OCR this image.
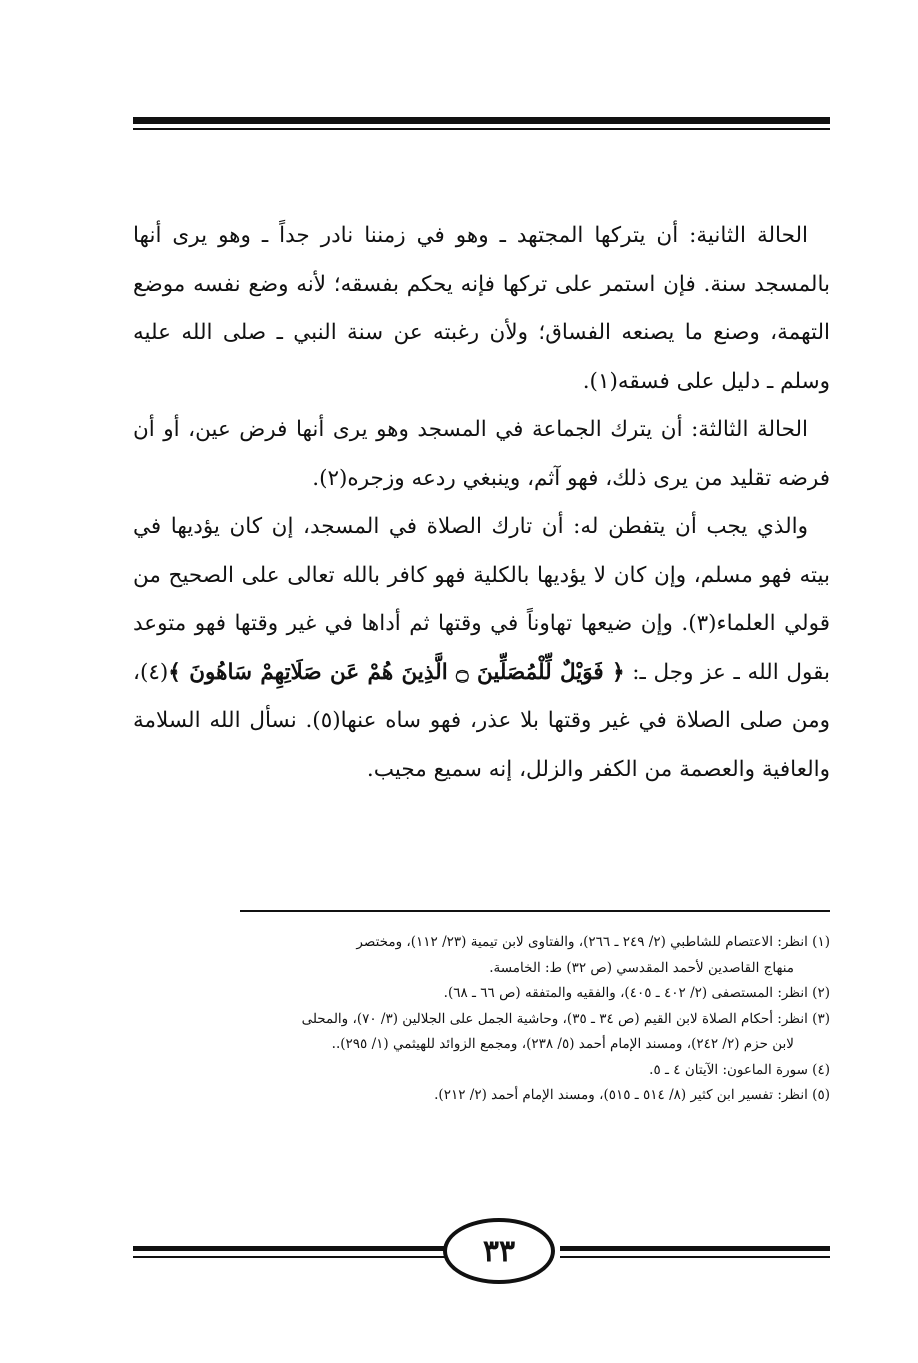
الحالة الثانية: أن يتركها المجتهد ـ وهو في زمننا نادر جداً ـ وهو يرى أنها بالمسجد سنة. فإن استمر على تركها فإنه يحكم بفسقه؛ لأنه وضع نفسه موضع التهمة، وصنع ما يصنعه الفساق؛ ولأن رغبته عن سنة النبي ـ صلى الله عليه وسلم ـ دليل على فسقه(١).

الحالة الثالثة: أن يترك الجماعة في المسجد وهو يرى أنها فرض عين، أو أن فرضه تقليد من يرى ذلك، فهو آثم، وينبغي ردعه وزجره(٢).

والذي يجب أن يتفطن له: أن تارك الصلاة في المسجد، إن كان يؤديها في بيته فهو مسلم، وإن كان لا يؤديها بالكلية فهو كافر بالله تعالى على الصحيح من قولي العلماء(٣). وإن ضيعها تهاوناً في وقتها ثم أداها في غير وقتها فهو متوعد بقول الله ـ عز وجل ـ: ﴿ فَوَيْلٌ لِّلْمُصَلِّينَ ۝ الَّذِينَ هُمْ عَن صَلَاتِهِمْ سَاهُونَ ﴾(٤)، ومن صلى الصلاة في غير وقتها بلا عذر، فهو ساه عنها(٥). نسأل الله السلامة والعافية والعصمة من الكفر والزلل، إنه سميع مجيب.

(١) انظر: الاعتصام للشاطبي (٢/ ٢٤٩ ـ ٢٦٦)، والفتاوى لابن تيمية (٢٣/ ١١٢)، ومختصر

منهاج القاصدين لأحمد المقدسي (ص ٣٢) ط: الخامسة.

(٢) انظر: المستصفى (٢/ ٤٠٢ ـ ٤٠٥)، والفقيه والمتفقه (ص ٦٦ ـ ٦٨).

(٣) انظر: أحكام الصلاة لابن القيم (ص ٣٤ ـ ٣٥)، وحاشية الجمل على الجلالين (٣/ ٧٠)، والمحلى

لابن حزم (٢/ ٢٤٢)، ومسند الإمام أحمد (٥/ ٢٣٨)، ومجمع الزوائد للهيثمي (١/ ٢٩٥)..

(٤) سورة الماعون: الآيتان ٤ ـ ٥.

(٥) انظر: تفسير ابن كثير (٨/ ٥١٤ ـ ٥١٥)، ومسند الإمام أحمد (٢/ ٢١٢).

٣٣
